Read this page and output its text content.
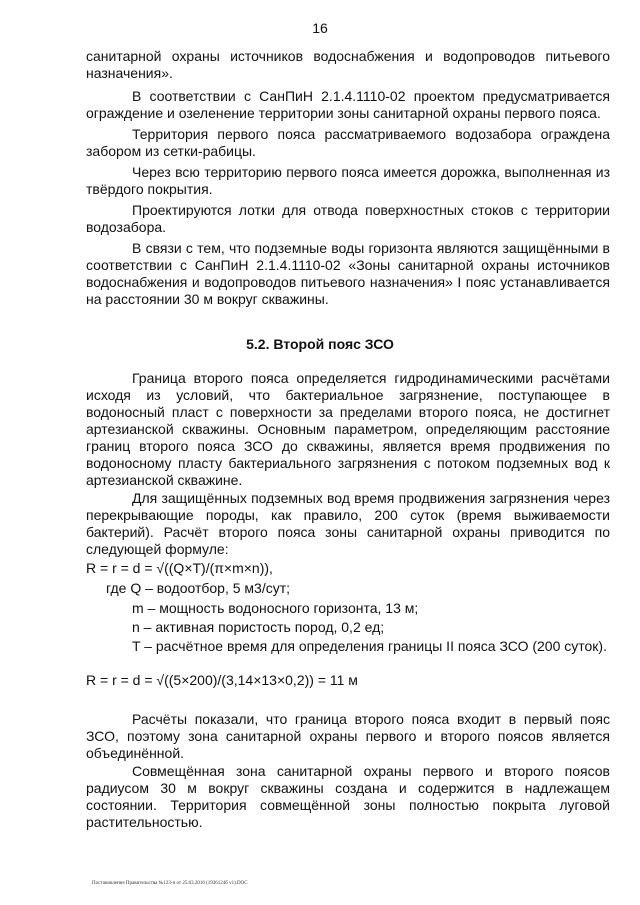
16
санитарной охраны источников водоснабжения и водопроводов питьевого назначения».
В соответствии с СанПиН 2.1.4.1110-02 проектом предусматривается ограждение и озеленение территории зоны санитарной охраны первого пояса.
Территория первого пояса рассматриваемого водозабора ограждена забором из сетки-рабицы.
Через всю территорию первого пояса имеется дорожка, выполненная из твёрдого покрытия.
Проектируются лотки для отвода поверхностных стоков с территории водозабора.
В связи с тем, что подземные воды горизонта являются защищёнными в соответствии с СанПиН 2.1.4.1110-02 «Зоны санитарной охраны источников водоснабжения и водопроводов питьевого назначения» I пояс устанавливается на расстоянии 30 м вокруг скважины.
5.2. Второй пояс ЗСО
Граница второго пояса определяется гидродинамическими расчётами исходя из условий, что бактериальное загрязнение, поступающее в водоносный пласт с поверхности за пределами второго пояса, не достигнет артезианской скважины. Основным параметром, определяющим расстояние границ второго пояса ЗСО до скважины, является время продвижения по водоносному пласту бактериального загрязнения с потоком подземных вод к артезианской скважине.
Для защищённых подземных вод время продвижения загрязнения через перекрывающие породы, как правило, 200 суток (время выживаемости бактерий). Расчёт второго пояса зоны санитарной охраны приводится по следующей формуле:
R = r = d = √((Q×T)/(π×m×n)),
где Q – водоотбор, 5 м3/сут;
m – мощность водоносного горизонта, 13 м;
n – активная пористость пород, 0,2 ед;
T – расчётное время для определения границы II пояса ЗСО (200 суток).
R = r = d = √((5×200)/(3,14×13×0,2)) = 11 м
Расчёты показали, что граница второго пояса входит в первый пояс ЗСО, поэтому зона санитарной охраны первого и второго поясов является объединённой.
Совмещённая зона санитарной охраны первого и второго поясов радиусом 30 м вокруг скважины создана и содержится в надлежащем состоянии. Территория совмещённой зоны полностью покрыта луговой растительностью.
Постановление Правительства №123-п от 25.03.2016 (1936124б v1).DOC
